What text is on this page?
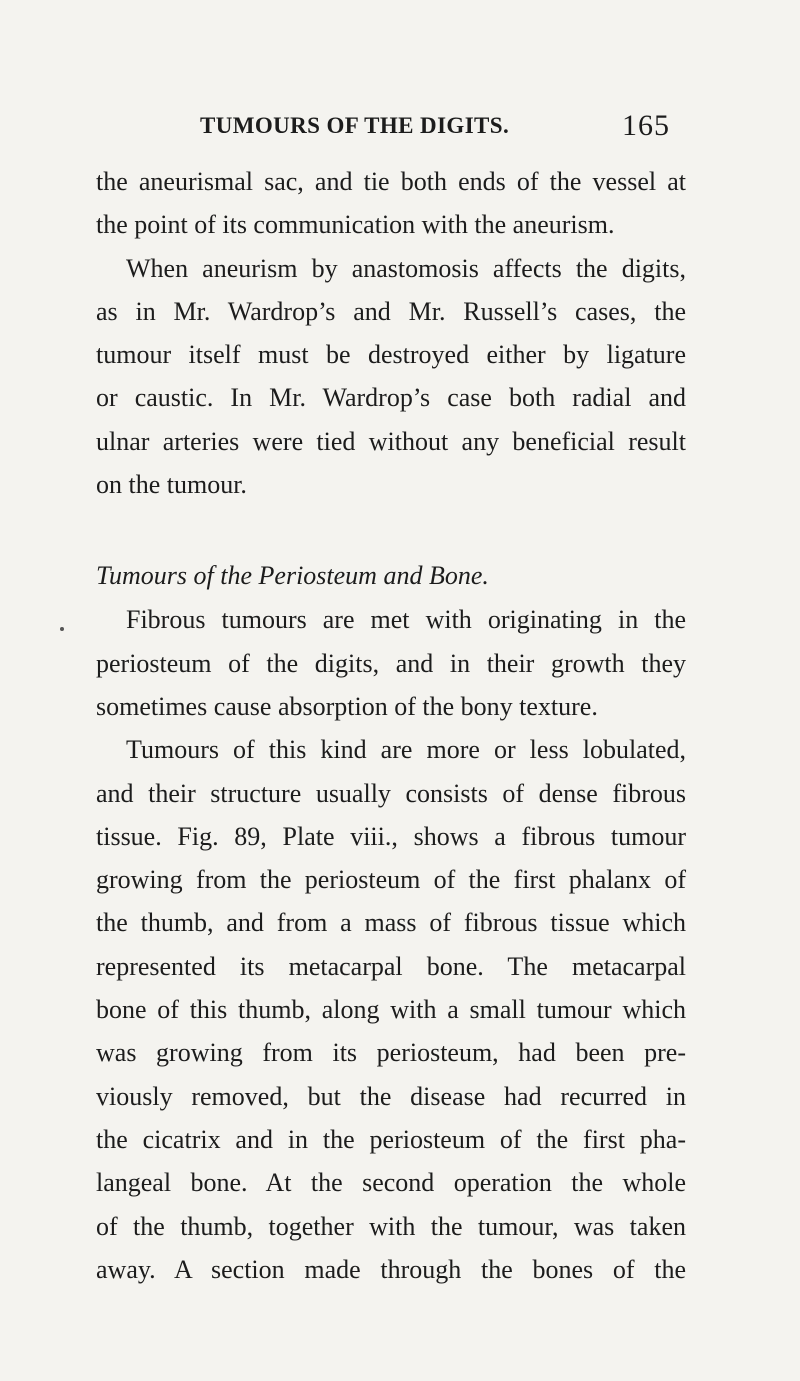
TUMOURS OF THE DIGITS.	165
the aneurismal sac, and tie both ends of the vessel at
the point of its communication with the aneurism.
When aneurism by anastomosis affects the digits,
as in Mr. Wardrop’s and Mr. Russell’s cases, the
tumour itself must be destroyed either by ligature
or caustic. In Mr. Wardrop’s case both radial and
ulnar arteries were tied without any beneficial result
on the tumour.
Tumours of the Periosteum and Bone.
Fibrous tumours are met with originating in the
periosteum of the digits, and in their growth they
sometimes cause absorption of the bony texture.
Tumours of this kind are more or less lobulated,
and their structure usually consists of dense fibrous
tissue. Fig. 89, Plate viii., shows a fibrous tumour
growing from the periosteum of the first phalanx of
the thumb, and from a mass of fibrous tissue which
represented its metacarpal bone. The metacarpal
bone of this thumb, along with a small tumour which
was growing from its periosteum, had been pre-
viously removed, but the disease had recurred in
the cicatrix and in the periosteum of the first pha-
langeal bone. At the second operation the whole
of the thumb, together with the tumour, was taken
away. A section made through the bones of the
